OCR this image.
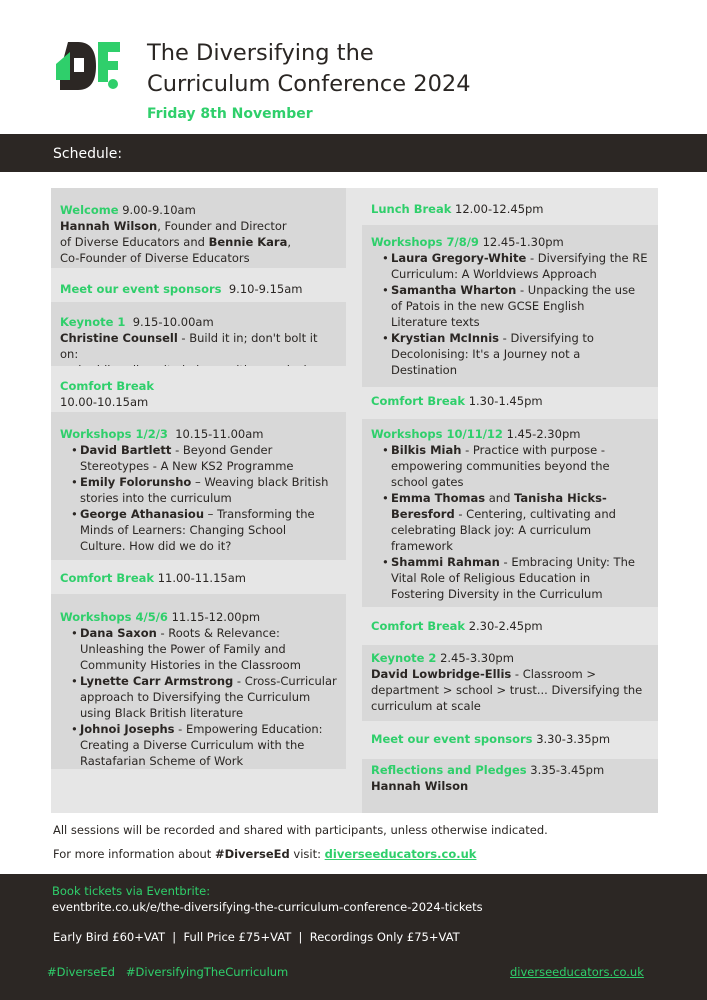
The Diversifying the
Curriculum Conference 2024
Friday 8th November
Schedule:
Welcome 9.00-9.10am
Hannah Wilson, Founder and Director
of Diverse Educators and Bennie Kara,
Co-Founder of Diverse Educators
Meet our event sponsors 9.10-9.15am
Keynote 1 9.15-10.00am
Christine Counsell - Build it in; don't bolt it on:
Comfort Break
10.00-10.15am
Workshops 1/2/3 10.15-11.00am
• David Bartlett - Beyond Gender
Stereotypes - A New KS2 Programme
• Emily Folorunsho – Weaving black British
stories into the curriculum
• George Athanasiou – Transforming the
Minds of Learners: Changing School
Culture. How did we do it?
Comfort Break 11.00-11.15am
Workshops 4/5/6 11.15-12.00pm
• Dana Saxon - Roots & Relevance:
Unleashing the Power of Family and
Community Histories in the Classroom
• Lynette Carr Armstrong - Cross-Curricular
approach to Diversifying the Curriculum
using Black British literature
• Johnoi Josephs - Empowering Education:
Creating a Diverse Curriculum with the
Rastafarian Scheme of Work
Lunch Break 12.00-12.45pm
Workshops 7/8/9 12.45-1.30pm
• Laura Gregory-White - Diversifying the RE
Curriculum: A Worldviews Approach
• Samantha Wharton - Unpacking the use
of Patois in the new GCSE English
Literature texts
• Krystian McInnis - Diversifying to
Decolonising: It's a Journey not a
Destination
Comfort Break 1.30-1.45pm
Workshops 10/11/12 1.45-2.30pm
• Bilkis Miah - Practice with purpose -
empowering communities beyond the
school gates
• Emma Thomas and Tanisha Hicks-
Beresford - Centering, cultivating and
celebrating Black joy: A curriculum
framework
• Shammi Rahman - Embracing Unity: The
Vital Role of Religious Education in
Fostering Diversity in the Curriculum
Comfort Break 2.30-2.45pm
Keynote 2 2.45-3.30pm
David Lowbridge-Ellis - Classroom >
department > school > trust... Diversifying the
curriculum at scale
Meet our event sponsors 3.30-3.35pm
Reflections and Pledges 3.35-3.45pm
Hannah Wilson
All sessions will be recorded and shared with participants, unless otherwise indicated.
For more information about #DiverseEd visit: diverseeducators.co.uk
Book tickets via Eventbrite:
eventbrite.co.uk/e/the-diversifying-the-curriculum-conference-2024-tickets
Early Bird £60+VAT  |  Full Price £75+VAT  |  Recordings Only £75+VAT
#DiverseEd   #DiversifyingTheCurriculum	diverseeducators.co.uk
